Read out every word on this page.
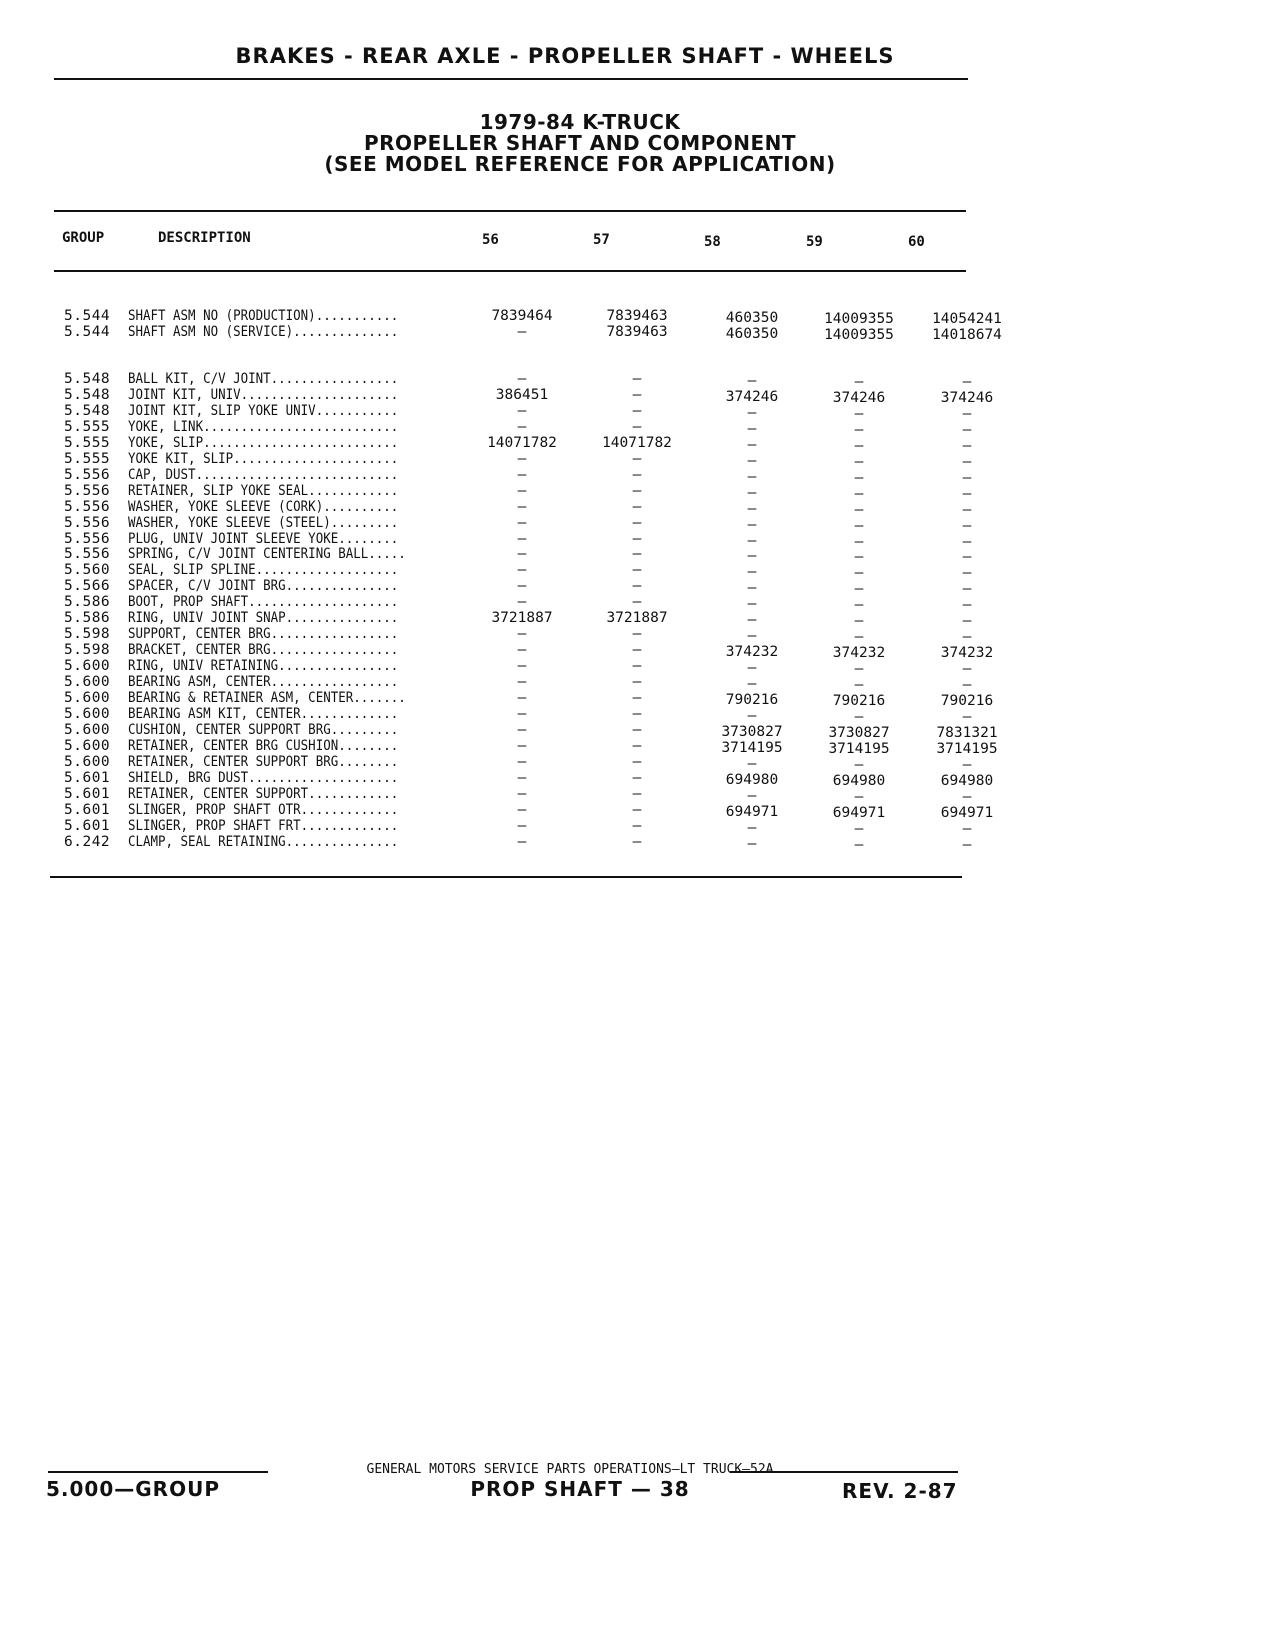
BRAKES - REAR AXLE - PROPELLER SHAFT - WHEELS
1979-84 K-TRUCK
PROPELLER SHAFT AND COMPONENT
(SEE MODEL REFERENCE FOR APPLICATION)
GROUP	DESCRIPTION	56	57	58	59	60
5.544 SHAFT ASM NO (PRODUCTION)...........	7839464	7839463	460350	14009355	14054241
5.544 SHAFT ASM NO (SERVICE)..............	—	7839463	460350	14009355	14018674
5.548 BALL KIT, C/V JOINT.................	—	—	—	—	—
5.548 JOINT KIT, UNIV.....................	386451	—	374246	374246	374246
5.548 JOINT KIT, SLIP YOKE UNIV...........	—	—	—	—	—
5.555 YOKE, LINK..........................	—	—	—	—	—
5.555 YOKE, SLIP..........................	14071782	14071782	—	—	—
5.555 YOKE KIT, SLIP......................	—	—	—	—	—
5.556 CAP, DUST...........................	—	—	—	—	—
5.556 RETAINER, SLIP YOKE SEAL............	—	—	—	—	—
5.556 WASHER, YOKE SLEEVE (CORK)..........	—	—	—	—	—
5.556 WASHER, YOKE SLEEVE (STEEL).........	—	—	—	—	—
5.556 PLUG, UNIV JOINT SLEEVE YOKE........	—	—	—	—	—
5.556 SPRING, C/V JOINT CENTERING BALL.....	—	—	—	—	—
5.560 SEAL, SLIP SPLINE...................	—	—	—	—	—
5.566 SPACER, C/V JOINT BRG...............	—	—	—	—	—
5.586 BOOT, PROP SHAFT....................	—	—	—	—	—
5.586 RING, UNIV JOINT SNAP...............	3721887	3721887	—	—	—
5.598 SUPPORT, CENTER BRG.................	—	—	—	—	—
5.598 BRACKET, CENTER BRG.................	—	—	374232	374232	374232
5.600 RING, UNIV RETAINING................	—	—	—	—	—
5.600 BEARING ASM, CENTER.................	—	—	—	—	—
5.600 BEARING & RETAINER ASM, CENTER.......	—	—	790216	790216	790216
5.600 BEARING ASM KIT, CENTER.............	—	—	—	—	—
5.600 CUSHION, CENTER SUPPORT BRG.........	—	—	3730827	3730827	7831321
5.600 RETAINER, CENTER BRG CUSHION........	—	—	3714195	3714195	3714195
5.600 RETAINER, CENTER SUPPORT BRG........	—	—	—	—	—
5.601 SHIELD, BRG DUST....................	—	—	694980	694980	694980
5.601 RETAINER, CENTER SUPPORT............	—	—	—	—	—
5.601 SLINGER, PROP SHAFT OTR.............	—	—	694971	694971	694971
5.601 SLINGER, PROP SHAFT FRT.............	—	—	—	—	—
6.242 CLAMP, SEAL RETAINING...............	—	—	—	—	—
GENERAL MOTORS SERVICE PARTS OPERATIONS—LT TRUCK—52A
5.000—GROUP	PROP SHAFT — 38	REV. 2-87
